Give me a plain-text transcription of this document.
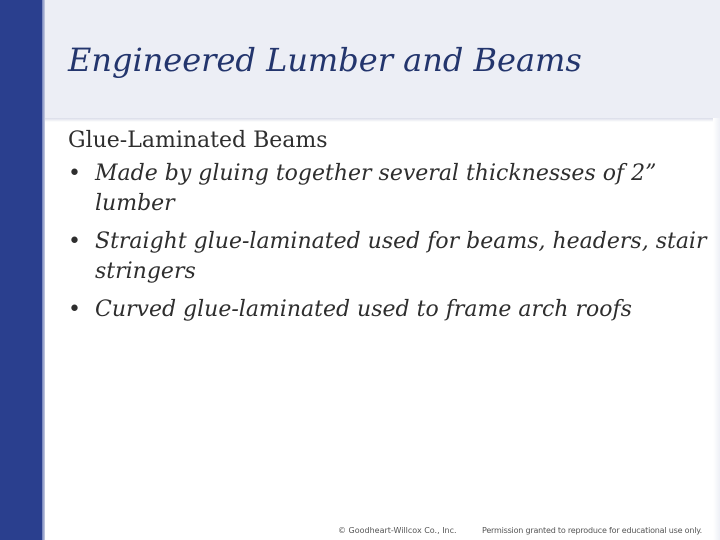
Engineered Lumber and Beams

Glue-Laminated Beams

• Made by gluing together several thicknesses of 2” lumber
• Straight glue-laminated used for beams, headers, stair stringers
• Curved glue-laminated used to frame arch roofs
© Goodheart-Willcox Co., Inc.	Permission granted to reproduce for educational use only.
